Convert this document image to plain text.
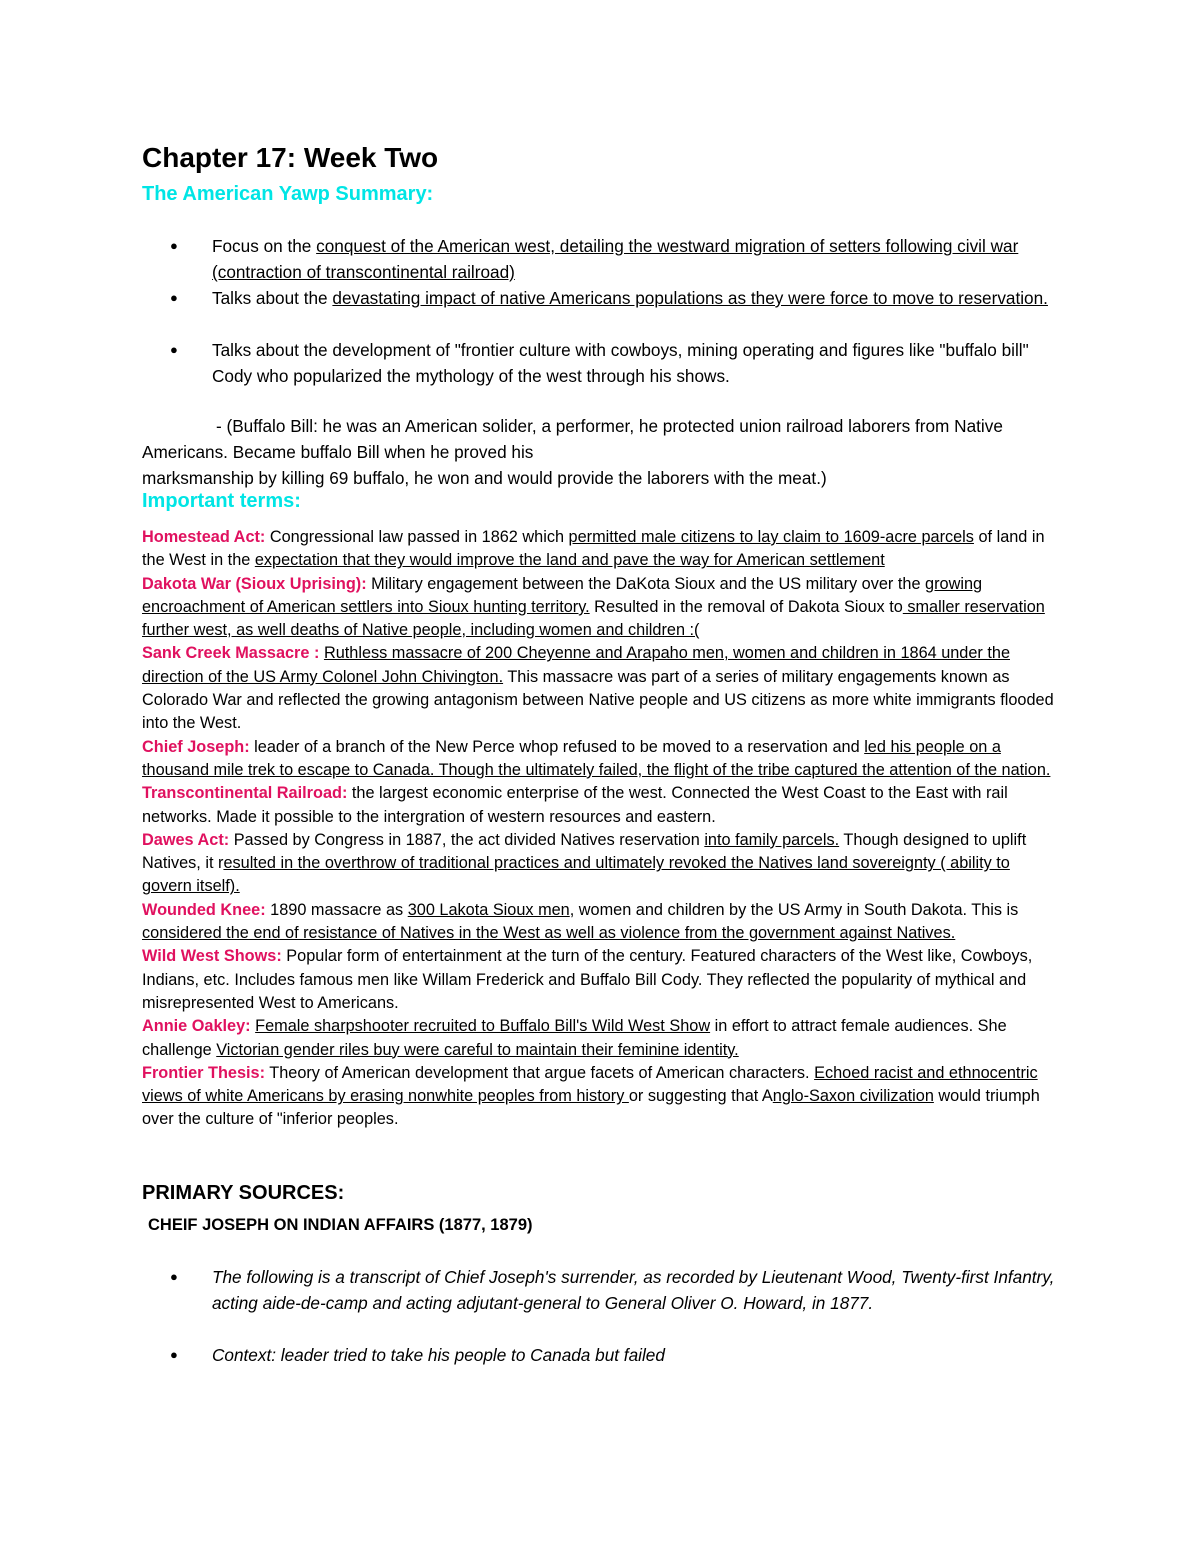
Chapter 17: Week Two
The American Yawp Summary:
● Focus on the conquest of the American west, detailing the westward migration of setters following civil war (contraction of transcontinental railroad)
● Talks about the devastating impact of native Americans populations as they were force to move to reservation.
● Talks about the development of "frontier culture with cowboys, mining operating and figures like "buffalo bill" Cody who popularized the mythology of the west through his shows.

- (Buffalo Bill: he was an American solider, a performer, he protected union railroad laborers from Native Americans. Became buffalo Bill when he proved his

marksmanship by killing 69 buffalo, he won and would provide the laborers with the meat.)

Important terms:

Homestead Act: Congressional law passed in 1862 which permitted male citizens to lay claim to 1609-acre parcels of land in the West in the expectation that they would improve the land and pave the way for American settlement

Dakota War (Sioux Uprising): Military engagement between the DaKota Sioux and the US military over the growing encroachment of American settlers into Sioux hunting territory. Resulted in the removal of Dakota Sioux to smaller reservation further west, as well deaths of Native people, including women and children :(

Sank Creek Massacre : Ruthless massacre of 200 Cheyenne and Arapaho men, women and children in 1864 under the direction of the US Army Colonel John Chivington. This massacre was part of a series of military engagements known as Colorado War and reflected the growing antagonism between Native people and US citizens as more white immigrants flooded into the West.

Chief Joseph: leader of a branch of the New Perce whop refused to be moved to a reservation and led his people on a thousand mile trek to escape to Canada. Though the ultimately failed, the flight of the tribe captured the attention of the nation.

Transcontinental Railroad: the largest economic enterprise of the west. Connected the West Coast to the East with rail networks. Made it possible to the intergration of western resources and eastern.

Dawes Act: Passed by Congress in 1887, the act divided Natives reservation into family parcels. Though designed to uplift Natives, it resulted in the overthrow of traditional practices and ultimately revoked the Natives land sovereignty ( ability to govern itself).

Wounded Knee: 1890 massacre as 300 Lakota Sioux men, women and children by the US Army in South Dakota. This is considered the end of resistance of Natives in the West as well as violence from the government against Natives.

Wild West Shows: Popular form of entertainment at the turn of the century. Featured characters of the West like, Cowboys, Indians, etc. Includes famous men like Willam Frederick and Buffalo Bill Cody. They reflected the popularity of mythical and misrepresented West to Americans.

Annie Oakley: Female sharpshooter recruited to Buffalo Bill's Wild West Show in effort to attract female audiences. She challenge Victorian gender riles buy were careful to maintain their feminine identity.

Frontier Thesis: Theory of American development that argue facets of American characters. Echoed racist and ethnocentric views of white Americans by erasing nonwhite peoples from history or suggesting that Anglo-Saxon civilization would triumph over the culture of "inferior peoples.

PRIMARY SOURCES:
CHEIF JOSEPH ON INDIAN AFFAIRS (1877, 1879)
● The following is a transcript of Chief Joseph's surrender, as recorded by Lieutenant Wood, Twenty-first Infantry, acting aide-de-camp and acting adjutant-general to General Oliver O. Howard, in 1877.
● Context: leader tried to take his people to Canada but failed
